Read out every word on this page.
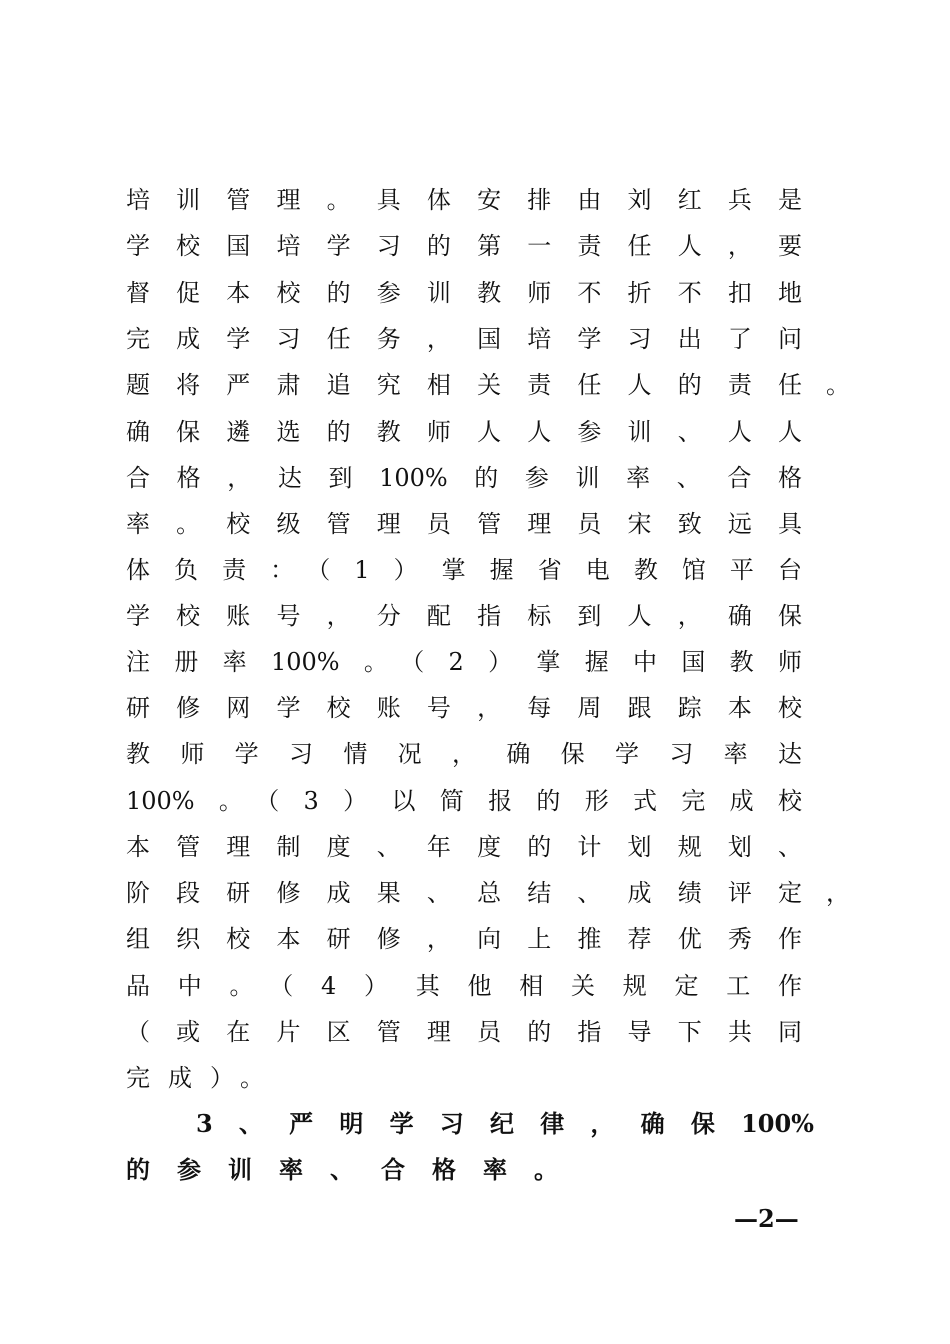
培训管理。具体安排由刘红兵是
学校国培学习的第一责任人，要
督促本校的参训教师不折不扣地
完成学习任务，国培学习出了问
题将严肃追究相关责任人的责任 。
确保遴选的教师人人参训、人人
合格，达到100%的参训率、合格
率。校级管理员管理员宋致远具
体负责：（1）掌握省电教馆平台
学校账号，分配指标到人，确保
注册率100%。（2）掌握中国教师
研修网学校账号，每周跟踪本校
教师学习情况，确保学习率达
100%。（3）以简报的形式完成校
本管理制度、年度的计划规划、
阶段研修成果、总结、成绩评定 ，
组织校本研修，向上推荐优秀作
品中。（4）其他相关规定工作
（或在片区管理员的指导下共同
完成）。
3、严明学习纪律，确保100%
的参训率、合格率。
—2—
